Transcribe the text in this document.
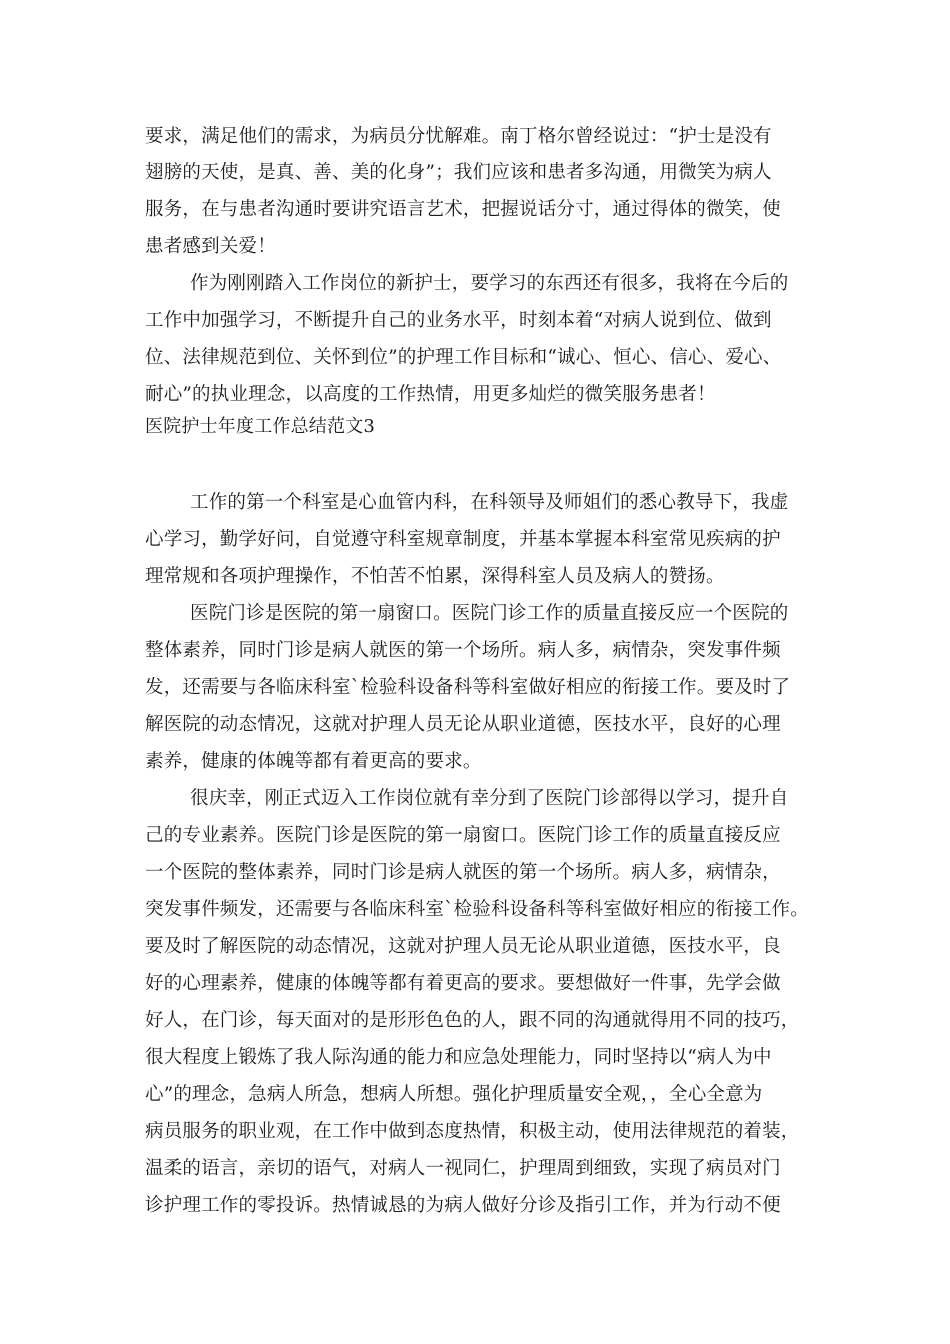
要求，满足他们的需求，为病员分忧解难。南丁格尔曾经说过：“护士是没有
翅膀的天使，是真、善、美的化身”；我们应该和患者多沟通，用微笑为病人
服务，在与患者沟通时要讲究语言艺术，把握说话分寸，通过得体的微笑，使
患者感到关爱！
作为刚刚踏入工作岗位的新护士，要学习的东西还有很多，我将在今后的
工作中加强学习，不断提升自己的业务水平，时刻本着“对病人说到位、做到
位、法律规范到位、关怀到位”的护理工作目标和“诚心、恒心、信心、爱心、
耐心”的执业理念，以高度的工作热情，用更多灿烂的微笑服务患者！
医院护士年度工作总结范文3
工作的第一个科室是心血管内科，在科领导及师姐们的悉心教导下，我虚
心学习，勤学好问，自觉遵守科室规章制度，并基本掌握本科室常见疾病的护
理常规和各项护理操作，不怕苦不怕累，深得科室人员及病人的赞扬。
医院门诊是医院的第一扇窗口。医院门诊工作的质量直接反应一个医院的
整体素养，同时门诊是病人就医的第一个场所。病人多，病情杂，突发事件频
发，还需要与各临床科室`检验科设备科等科室做好相应的衔接工作。要及时了
解医院的动态情况，这就对护理人员无论从职业道德，医技水平，良好的心理
素养，健康的体魄等都有着更高的要求。
很庆幸，刚正式迈入工作岗位就有幸分到了医院门诊部得以学习，提升自
己的专业素养。医院门诊是医院的第一扇窗口。医院门诊工作的质量直接反应
一个医院的整体素养，同时门诊是病人就医的第一个场所。病人多，病情杂，
突发事件频发，还需要与各临床科室`检验科设备科等科室做好相应的衔接工作。
要及时了解医院的动态情况，这就对护理人员无论从职业道德，医技水平，良
好的心理素养，健康的体魄等都有着更高的要求。要想做好一件事，先学会做
好人，在门诊，每天面对的是形形色色的人，跟不同的沟通就得用不同的技巧，
很大程度上锻炼了我人际沟通的能力和应急处理能力，同时坚持以“病人为中
心”的理念，急病人所急，想病人所想。强化护理质量安全观，，全心全意为
病员服务的职业观，在工作中做到态度热情，积极主动，使用法律规范的着装，
温柔的语言，亲切的语气，对病人一视同仁，护理周到细致，实现了病员对门
诊护理工作的零投诉。热情诚恳的为病人做好分诊及指引工作，并为行动不便
